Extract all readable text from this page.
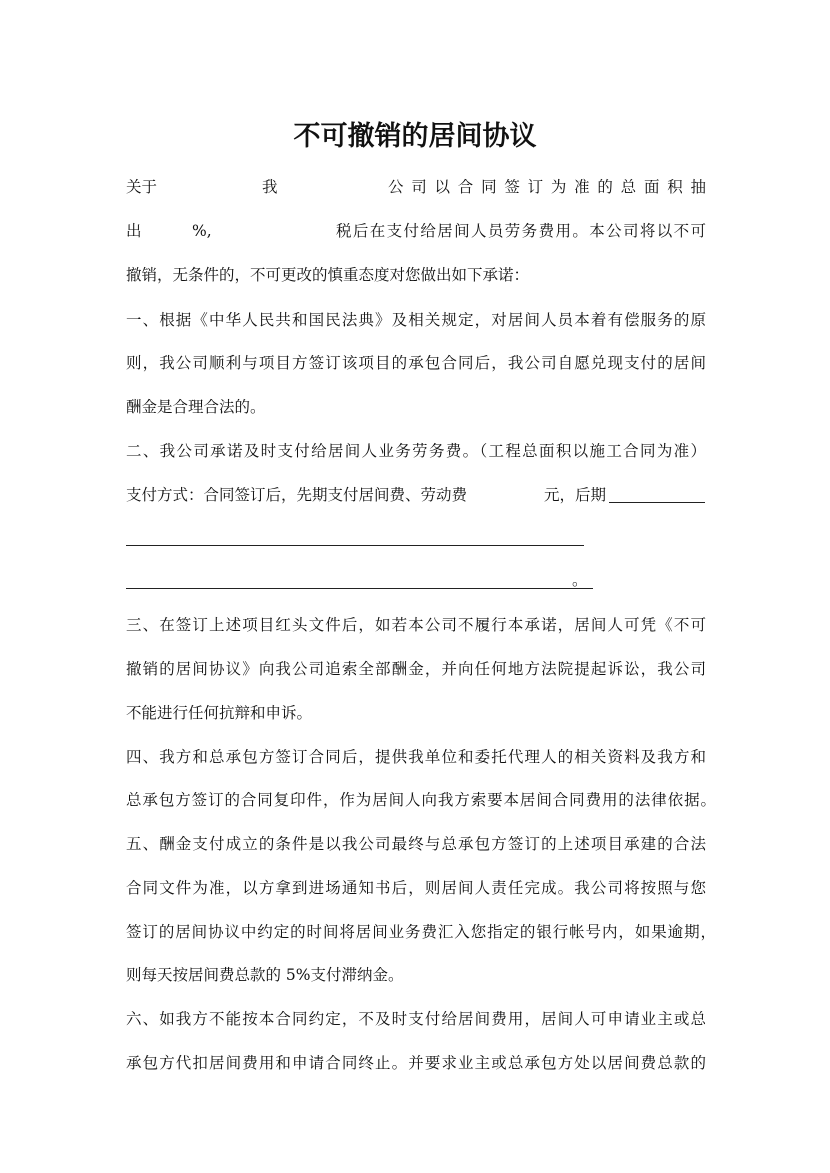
不可撤销的居间协议
关于	我	公司以合同签订为准的总面积抽
出	%,	税后在支付给居间人员劳务费用。本公司将以不可
撤销，无条件的，不可更改的慎重态度对您做出如下承诺：
一、根据《中华人民共和国民法典》及相关规定，对居间人员本着有偿服务的原
则，我公司顺利与项目方签订该项目的承包合同后，我公司自愿兑现支付的居间
酬金是合理合法的。
二、我公司承诺及时支付给居间人业务劳务费。（工程总面积以施工合同为准）
支付方式：合同签订后，先期支付居间费、劳动费	元，后期
。
三、在签订上述项目红头文件后，如若本公司不履行本承诺，居间人可凭《不可
撤销的居间协议》向我公司追索全部酬金，并向任何地方法院提起诉讼，我公司
不能进行任何抗辩和申诉。
四、我方和总承包方签订合同后，提供我单位和委托代理人的相关资料及我方和
总承包方签订的合同复印件，作为居间人向我方索要本居间合同费用的法律依据。
五、酬金支付成立的条件是以我公司最终与总承包方签订的上述项目承建的合法
合同文件为准，以方拿到进场通知书后，则居间人责任完成。我公司将按照与您
签订的居间协议中约定的时间将居间业务费汇入您指定的银行帐号内，如果逾期，
则每天按居间费总款的 5%支付滞纳金。
六、如我方不能按本合同约定，不及时支付给居间费用，居间人可申请业主或总
承包方代扣居间费用和申请合同终止。并要求业主或总承包方处以居间费总款的
